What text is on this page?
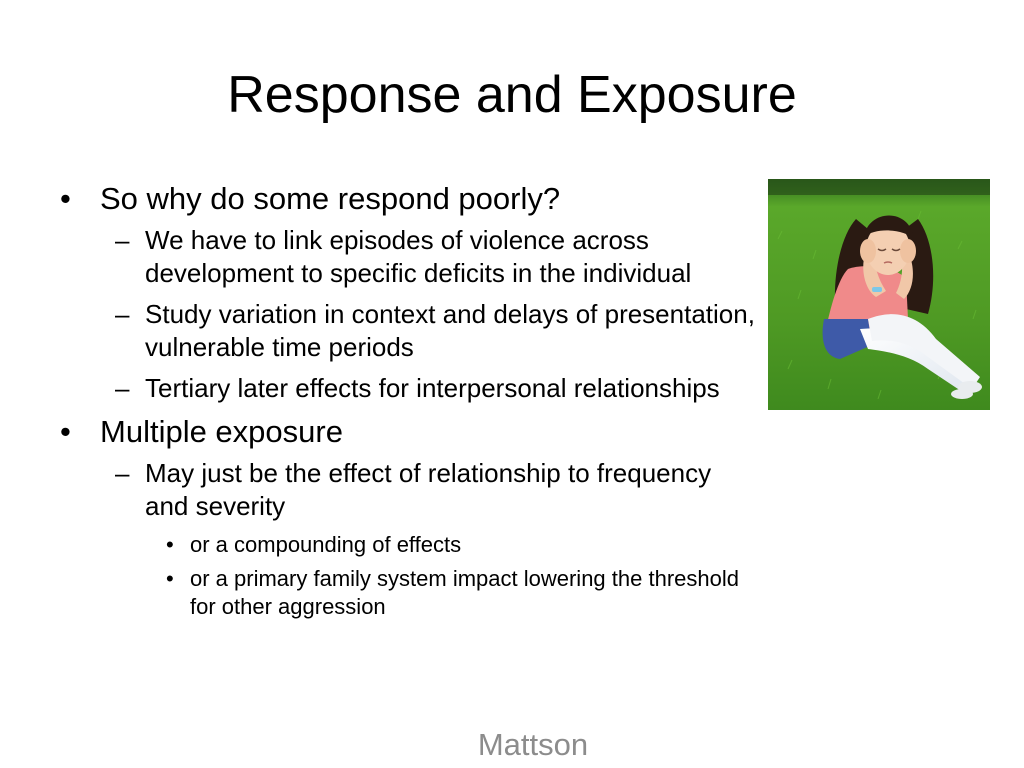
Response and Exposure
• So why do some respond poorly?
– We have to link episodes of violence across development to specific deficits in the individual
– Study variation in context and delays of presentation, vulnerable time periods
– Tertiary later effects for interpersonal relationships
• Multiple exposure
– May just be the effect of relationship to frequency and severity
• or a compounding of effects
• or a primary family system impact lowering the threshold for other aggression
Mattson
